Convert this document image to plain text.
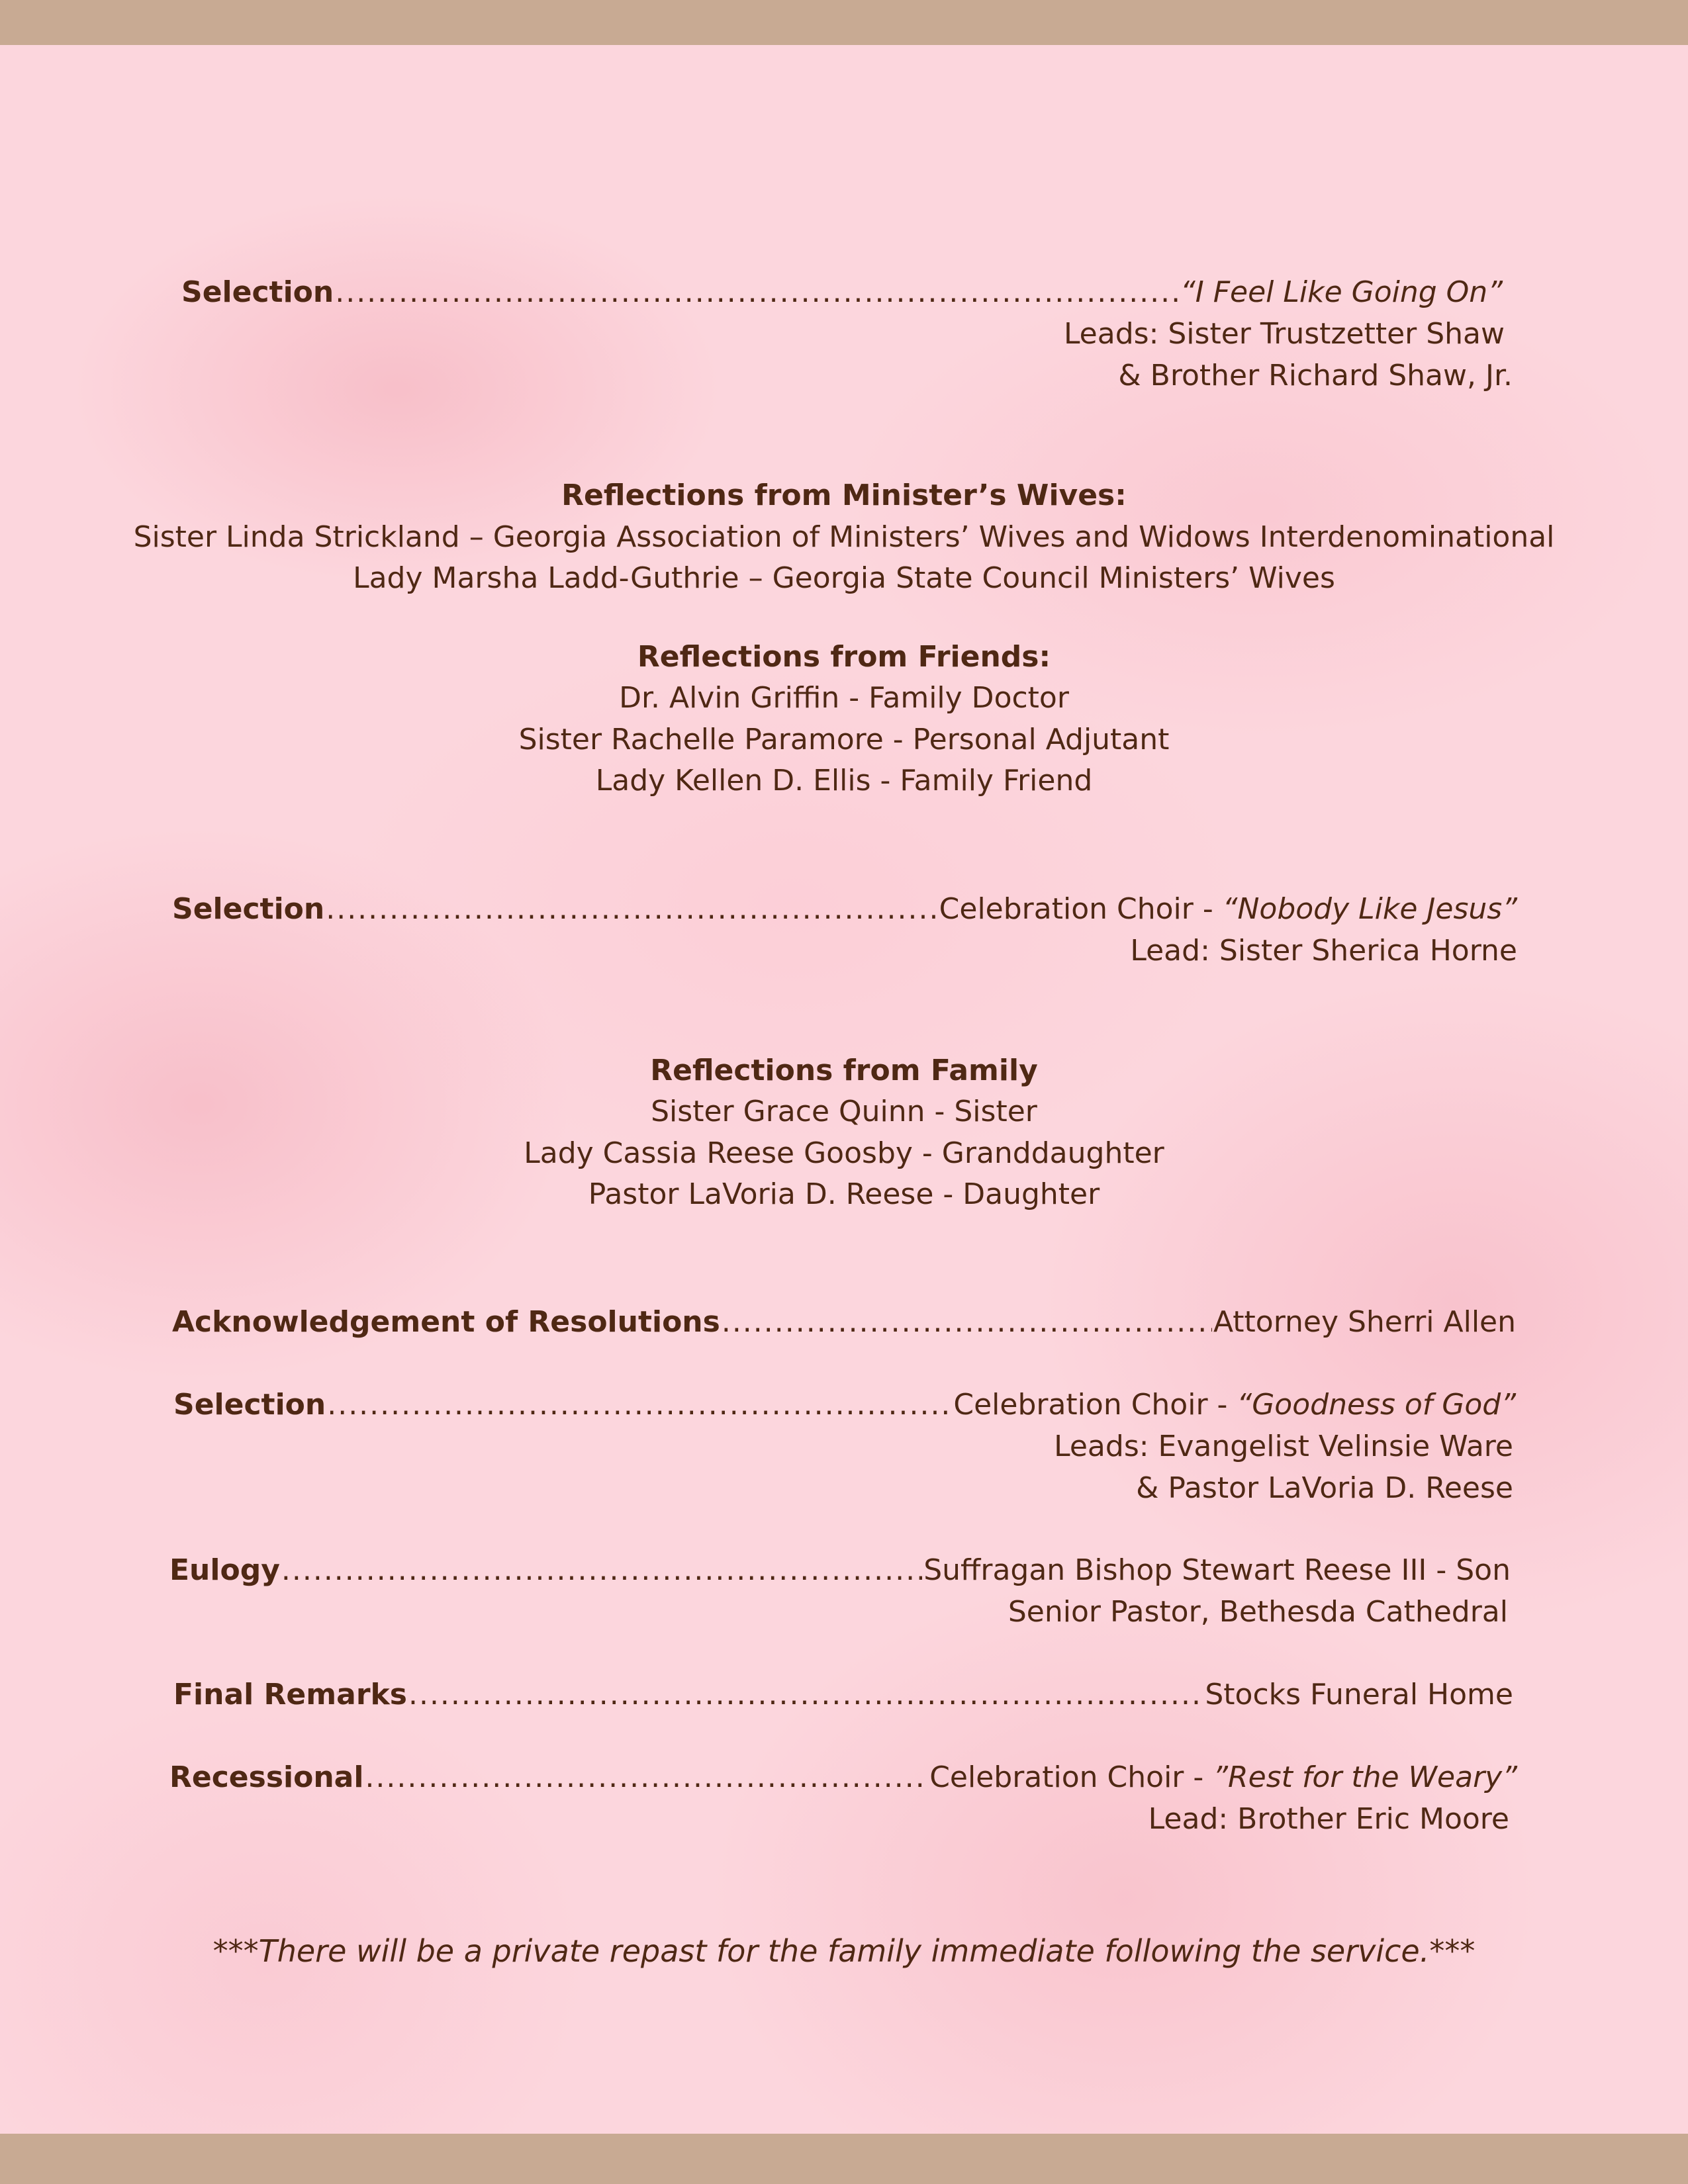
Selection .....	“I Feel Like Going On”
Leads: Sister Trustzetter Shaw
& Brother Richard Shaw, Jr.
Reflections from Minister’s Wives:
Sister Linda Strickland – Georgia Association of Ministers’ Wives and Widows Interdenominational
Lady Marsha Ladd-Guthrie – Georgia State Council Ministers’ Wives
Reflections from Friends:
Dr. Alvin Griffin - Family Doctor
Sister Rachelle Paramore - Personal Adjutant
Lady Kellen D. Ellis - Family Friend
Selection .....	Celebration Choir - “Nobody Like Jesus”
Lead: Sister Sherica Horne
Reflections from Family
Sister Grace Quinn - Sister
Lady Cassia Reese Goosby - Granddaughter
Pastor LaVoria D. Reese - Daughter
Acknowledgement of Resolutions .....	Attorney Sherri Allen
Selection .....	Celebration Choir - “Goodness of God”
Leads: Evangelist Velinsie Ware
& Pastor LaVoria D. Reese
Eulogy .....	Suffragan Bishop Stewart Reese III - Son
Senior Pastor, Bethesda Cathedral
Final Remarks .....	Stocks Funeral Home
Recessional .....	Celebration Choir - ”Rest for the Weary”
Lead: Brother Eric Moore
***There will be a private repast for the family immediate following the service.***
